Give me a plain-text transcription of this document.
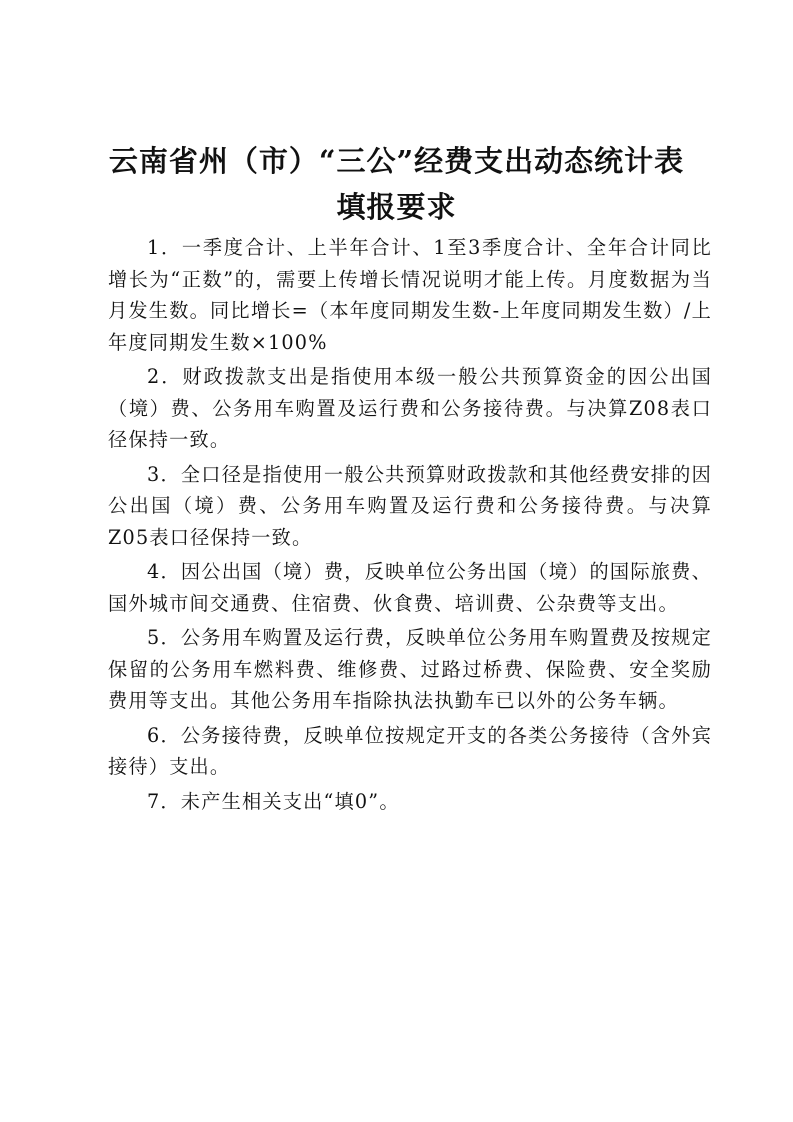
云南省州（市）“三公”经费支出动态统计表
填报要求

1．一季度合计、上半年合计、1至3季度合计、全年合计同比增长为“正数”的，需要上传增长情况说明才能上传。月度数据为当月发生数。同比增长=（本年度同期发生数-上年度同期发生数）/上年度同期发生数×100%

2．财政拨款支出是指使用本级一般公共预算资金的因公出国（境）费、公务用车购置及运行费和公务接待费。与决算Z08表口径保持一致。

3．全口径是指使用一般公共预算财政拨款和其他经费安排的因公出国（境）费、公务用车购置及运行费和公务接待费。与决算Z05表口径保持一致。

4．因公出国（境）费，反映单位公务出国（境）的国际旅费、国外城市间交通费、住宿费、伙食费、培训费、公杂费等支出。

5．公务用车购置及运行费，反映单位公务用车购置费及按规定保留的公务用车燃料费、维修费、过路过桥费、保险费、安全奖励费用等支出。其他公务用车指除执法执勤车已以外的公务车辆。

6．公务接待费，反映单位按规定开支的各类公务接待（含外宾接待）支出。

7．未产生相关支出“填0”。
